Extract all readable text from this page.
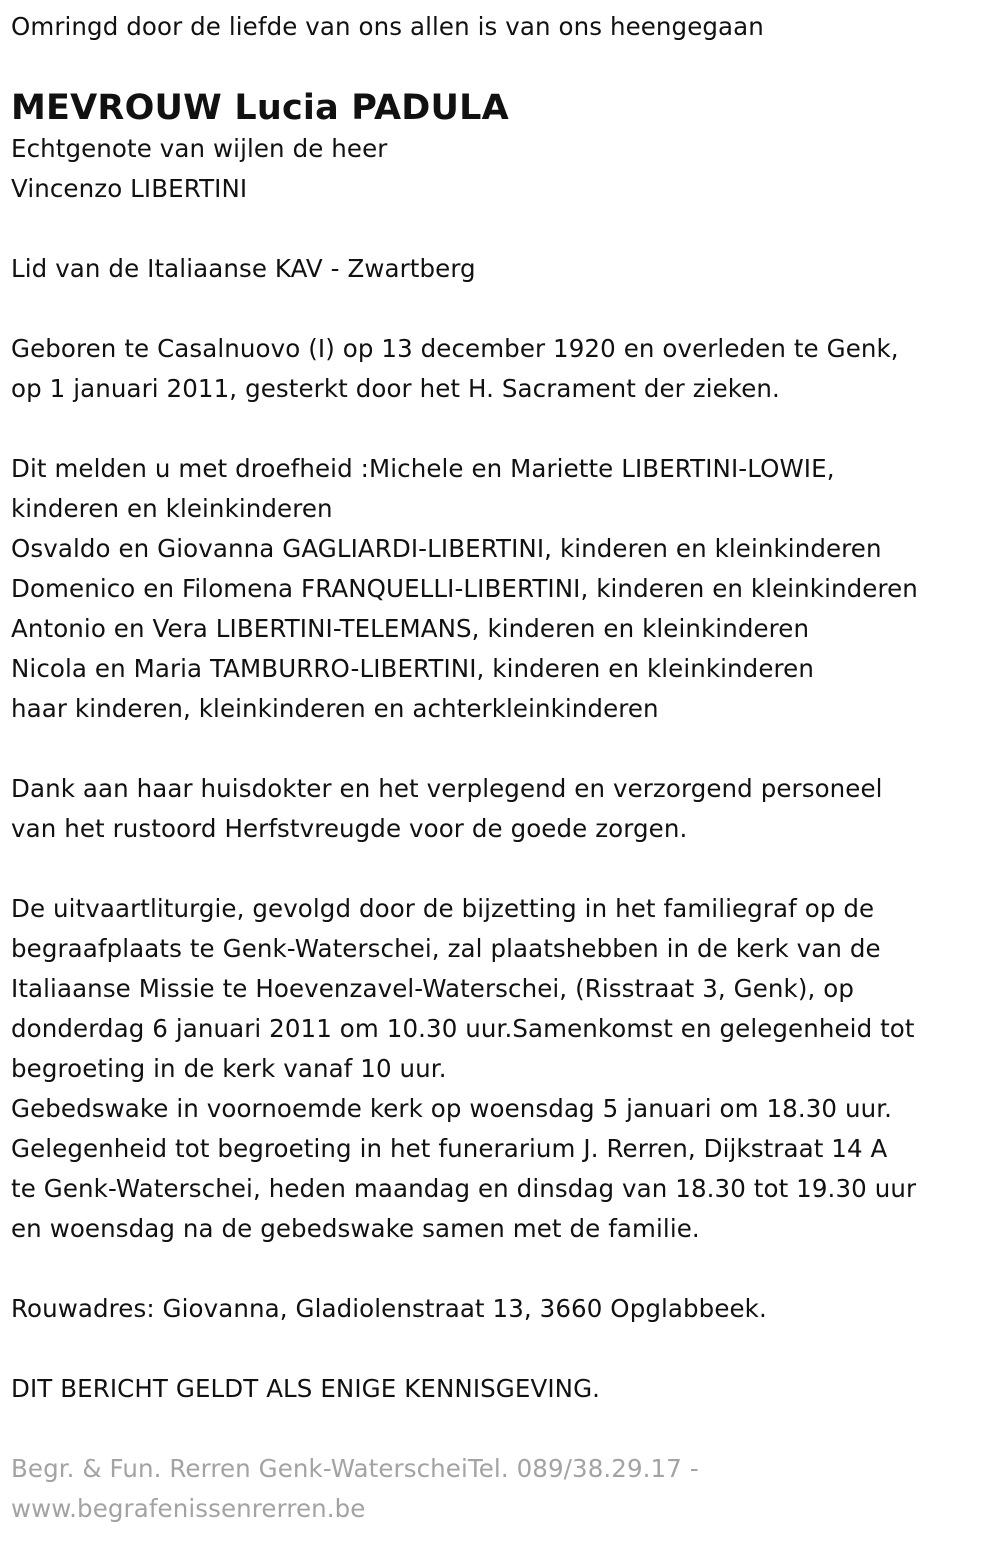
Omringd door de liefde van ons allen is van ons heengegaan
MEVROUW Lucia PADULA
Echtgenote van wijlen de heer
Vincenzo LIBERTINI
Lid van de Italiaanse KAV - Zwartberg
Geboren te Casalnuovo (I) op 13 december 1920 en overleden te Genk,
op 1 januari 2011, gesterkt door het H. Sacrament der zieken.
Dit melden u met droefheid :Michele en Mariette LIBERTINI-LOWIE,
kinderen en kleinkinderen
Osvaldo en Giovanna GAGLIARDI-LIBERTINI, kinderen en kleinkinderen
Domenico en Filomena FRANQUELLI-LIBERTINI, kinderen en kleinkinderen
Antonio en Vera LIBERTINI-TELEMANS, kinderen en kleinkinderen
Nicola en Maria TAMBURRO-LIBERTINI, kinderen en kleinkinderen
haar kinderen, kleinkinderen en achterkleinkinderen
Dank aan haar huisdokter en het verplegend en verzorgend personeel
van het rustoord Herfstvreugde voor de goede zorgen.
De uitvaartliturgie, gevolgd door de bijzetting in het familiegraf op de
begraafplaats te Genk-Waterschei, zal plaatshebben in de kerk van de
Italiaanse Missie te Hoevenzavel-Waterschei, (Risstraat 3, Genk), op
donderdag 6 januari 2011 om 10.30 uur.Samenkomst en gelegenheid tot
begroeting in de kerk vanaf 10 uur.
Gebedswake in voornoemde kerk op woensdag 5 januari om 18.30 uur.
Gelegenheid tot begroeting in het funerarium J. Rerren, Dijkstraat 14 A
te Genk-Waterschei, heden maandag en dinsdag van 18.30 tot 19.30 uur
en woensdag na de gebedswake samen met de familie.
Rouwadres: Giovanna, Gladiolenstraat 13, 3660 Opglabbeek.
DIT BERICHT GELDT ALS ENIGE KENNISGEVING.
Begr. & Fun. Rerren Genk-WaterscheiTel. 089/38.29.17 -
www.begrafenissenrerren.be
